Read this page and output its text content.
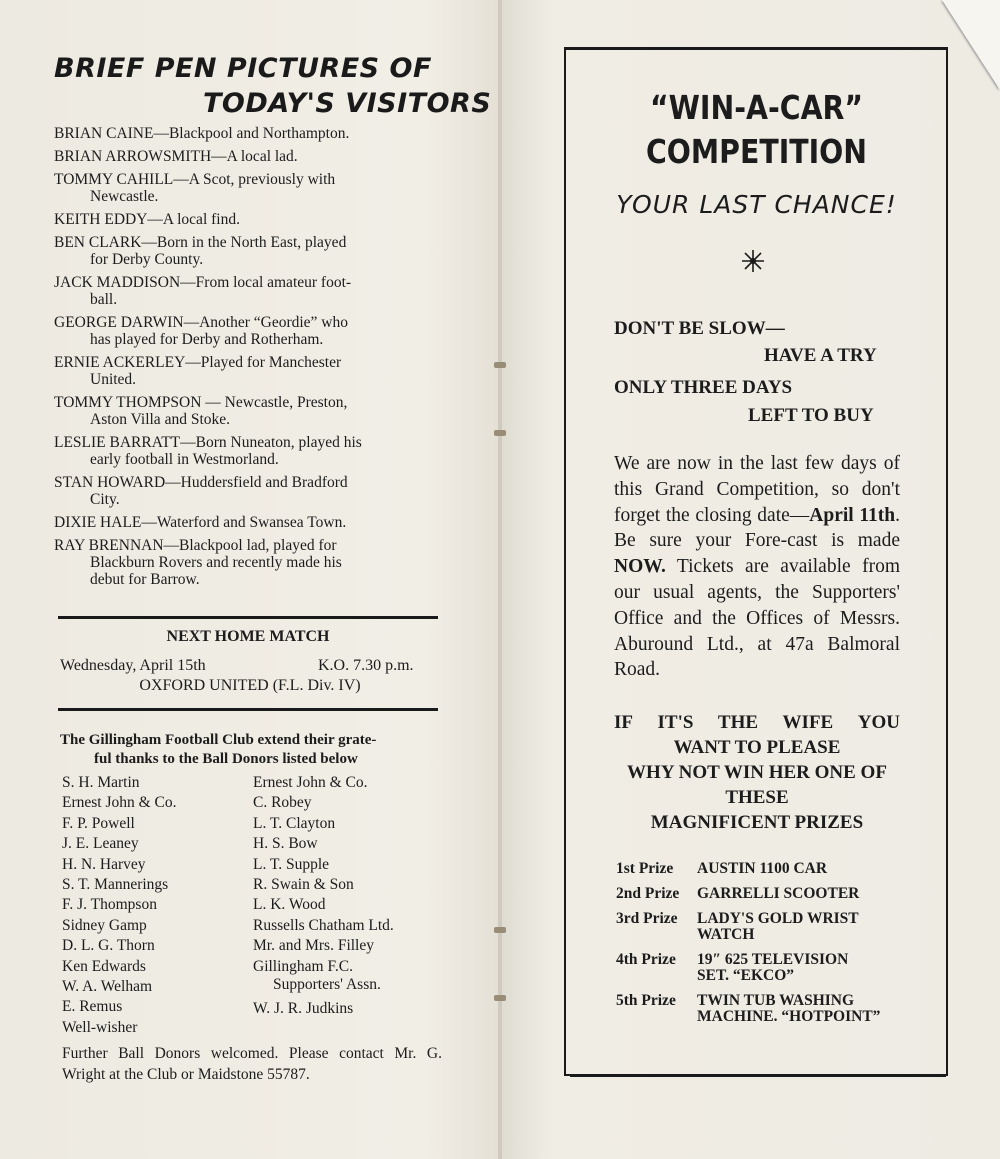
BRIEF PEN PICTURES OF
TODAY'S VISITORS
BRIAN CAINE—Blackpool and Northampton.
BRIAN ARROWSMITH—A local lad.
TOMMY CAHILL—A Scot, previously with
Newcastle.
KEITH EDDY—A local find.
BEN CLARK—Born in the North East, played
for Derby County.
JACK MADDISON—From local amateur foot-
ball.
GEORGE DARWIN—Another “Geordie” who
has played for Derby and Rotherham.
ERNIE ACKERLEY—Played for Manchester
United.
TOMMY THOMPSON — Newcastle, Preston,
Aston Villa and Stoke.
LESLIE BARRATT—Born Nuneaton, played his
early football in Westmorland.
STAN HOWARD—Huddersfield and Bradford
City.
DIXIE HALE—Waterford and Swansea Town.
RAY BRENNAN—Blackpool lad, played for
Blackburn Rovers and recently made his
debut for Barrow.
NEXT HOME MATCH
Wednesday, April 15th	K.O. 7.30 p.m.
OXFORD UNITED (F.L. Div. IV)
The Gillingham Football Club extend their grate-
ful thanks to the Ball Donors listed below
S. H. Martin
Ernest John & Co.
F. P. Powell
J. E. Leaney
H. N. Harvey
S. T. Mannerings
F. J. Thompson
Sidney Gamp
D. L. G. Thorn
Ken Edwards
W. A. Welham
E. Remus
Well-wisher
Ernest John & Co.
C. Robey
L. T. Clayton
H. S. Bow
L. T. Supple
R. Swain & Son
L. K. Wood
Russells Chatham Ltd.
Mr. and Mrs. Filley
Gillingham F.C.
Supporters' Assn.
W. J. R. Judkins
Further Ball Donors welcomed. Please contact Mr. G. Wright at the Club or Maidstone 55787.
“WIN-A-CAR”
COMPETITION
YOUR LAST CHANCE!
DON'T BE SLOW—
HAVE A TRY
ONLY THREE DAYS
LEFT TO BUY
We are now in the last few days of this Grand Competition, so don't forget the closing date—April 11th. Be sure your Fore-cast is made NOW. Tickets are available from our usual agents, the Supporters' Office and the Offices of Messrs. Aburound Ltd., at 47a Balmoral Road.
IF IT'S THE WIFE YOU
WANT TO PLEASE
WHY NOT WIN HER ONE OF
THESE
MAGNIFICENT PRIZES
1st Prize	AUSTIN 1100 CAR
2nd Prize	GARRELLI SCOOTER
3rd Prize	LADY'S GOLD WRIST
WATCH
4th Prize	19″ 625 TELEVISION
SET. “EKCO”
5th Prize	TWIN TUB WASHING
MACHINE. “HOTPOINT”
